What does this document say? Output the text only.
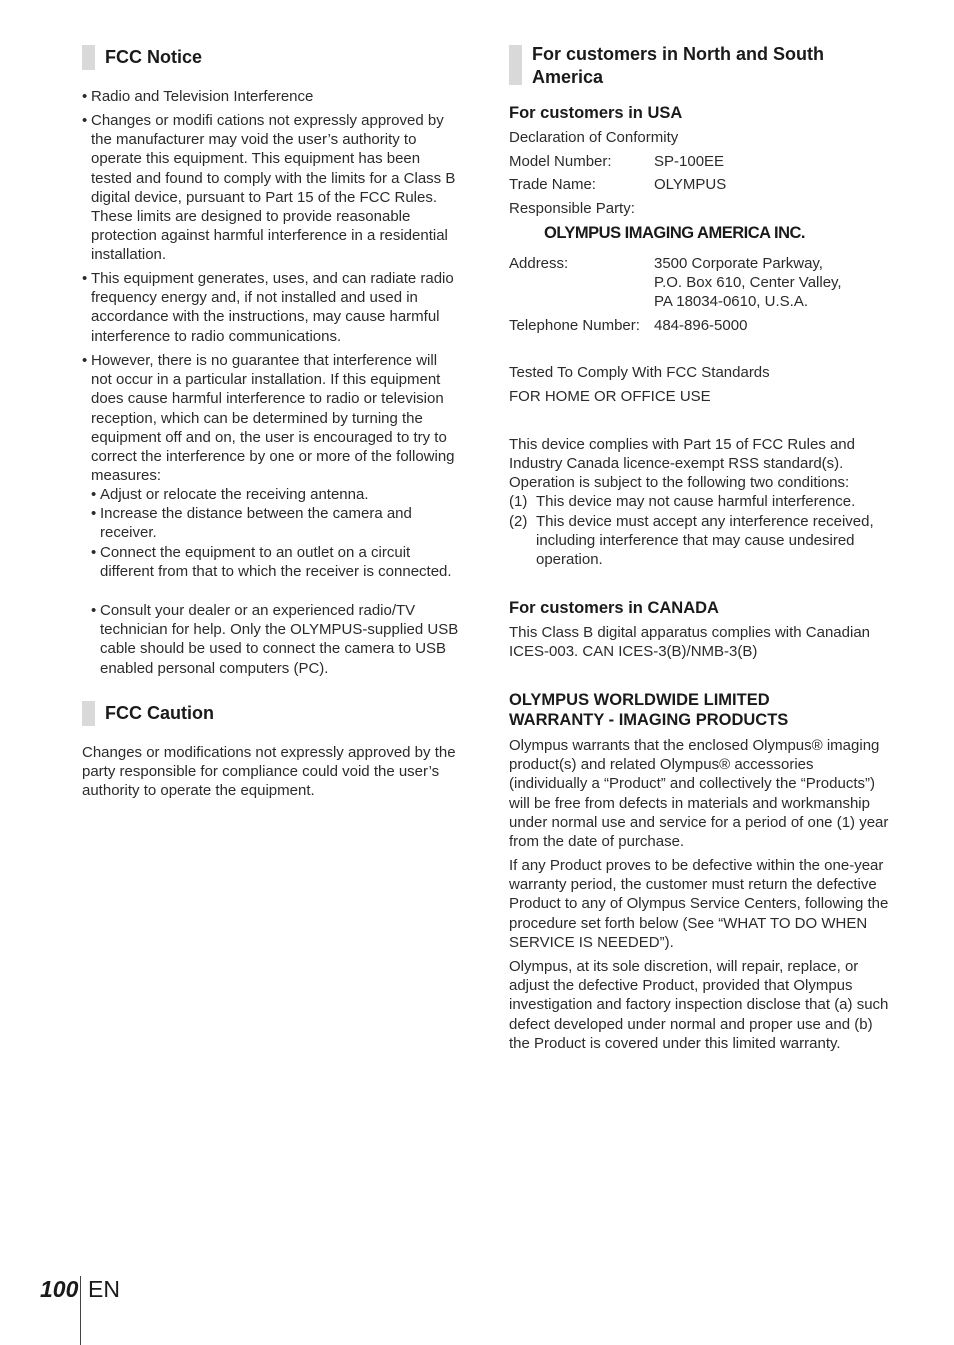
FCC Notice
• Radio and Television Interference
• Changes or modifi cations not expressly approved by the manufacturer may void the user’s authority to operate this equipment. This equipment has been tested and found to comply with the limits for a Class B digital device, pursuant to Part 15 of the FCC Rules. These limits are designed to provide reasonable protection against harmful interference in a residential installation.
• This equipment generates, uses, and can radiate radio frequency energy and, if not installed and used in accordance with the instructions, may cause harmful interference to radio communications.
• However, there is no guarantee that interference will not occur in a particular installation. If this equipment does cause harmful interference to radio or television reception, which can be determined by turning the equipment off and on, the user is encouraged to try to correct the interference by one or more of the following measures:
• Adjust or relocate the receiving antenna.
• Increase the distance between the camera and receiver.
• Connect the equipment to an outlet on a circuit different from that to which the receiver is connected.
• Consult your dealer or an experienced radio/TV technician for help. Only the OLYMPUS-supplied USB cable should be used to connect the camera to USB enabled personal computers (PC).
FCC Caution
Changes or modifications not expressly approved by the party responsible for compliance could void the user’s authority to operate the equipment.
For customers in North and South America
For customers in USA
Declaration of Conformity
Model Number:	SP-100EE
Trade Name:	OLYMPUS
Responsible Party:
OLYMPUS IMAGING AMERICA INC.
Address:	3500 Corporate Parkway,
P.O. Box 610, Center Valley,
PA 18034-0610, U.S.A.
Telephone Number: 484-896-5000
Tested To Comply With FCC Standards
FOR HOME OR OFFICE USE
This device complies with Part 15 of FCC Rules and Industry Canada licence-exempt RSS standard(s). Operation is subject to the following two conditions:
(1) This device may not cause harmful interference.
(2) This device must accept any interference received, including interference that may cause undesired operation.
For customers in CANADA
This Class B digital apparatus complies with Canadian ICES-003. CAN ICES-3(B)/NMB-3(B)
OLYMPUS WORLDWIDE LIMITED WARRANTY - IMAGING PRODUCTS
Olympus warrants that the enclosed Olympus® imaging product(s) and related Olympus® accessories (individually a “Product” and collectively the “Products”) will be free from defects in materials and workmanship under normal use and service for a period of one (1) year from the date of purchase.
If any Product proves to be defective within the one-year warranty period, the customer must return the defective Product to any of Olympus Service Centers, following the procedure set forth below (See “WHAT TO DO WHEN SERVICE IS NEEDED”).
Olympus, at its sole discretion, will repair, replace, or adjust the defective Product, provided that Olympus investigation and factory inspection disclose that (a) such defect developed under normal and proper use and (b) the Product is covered under this limited warranty.
100 EN
